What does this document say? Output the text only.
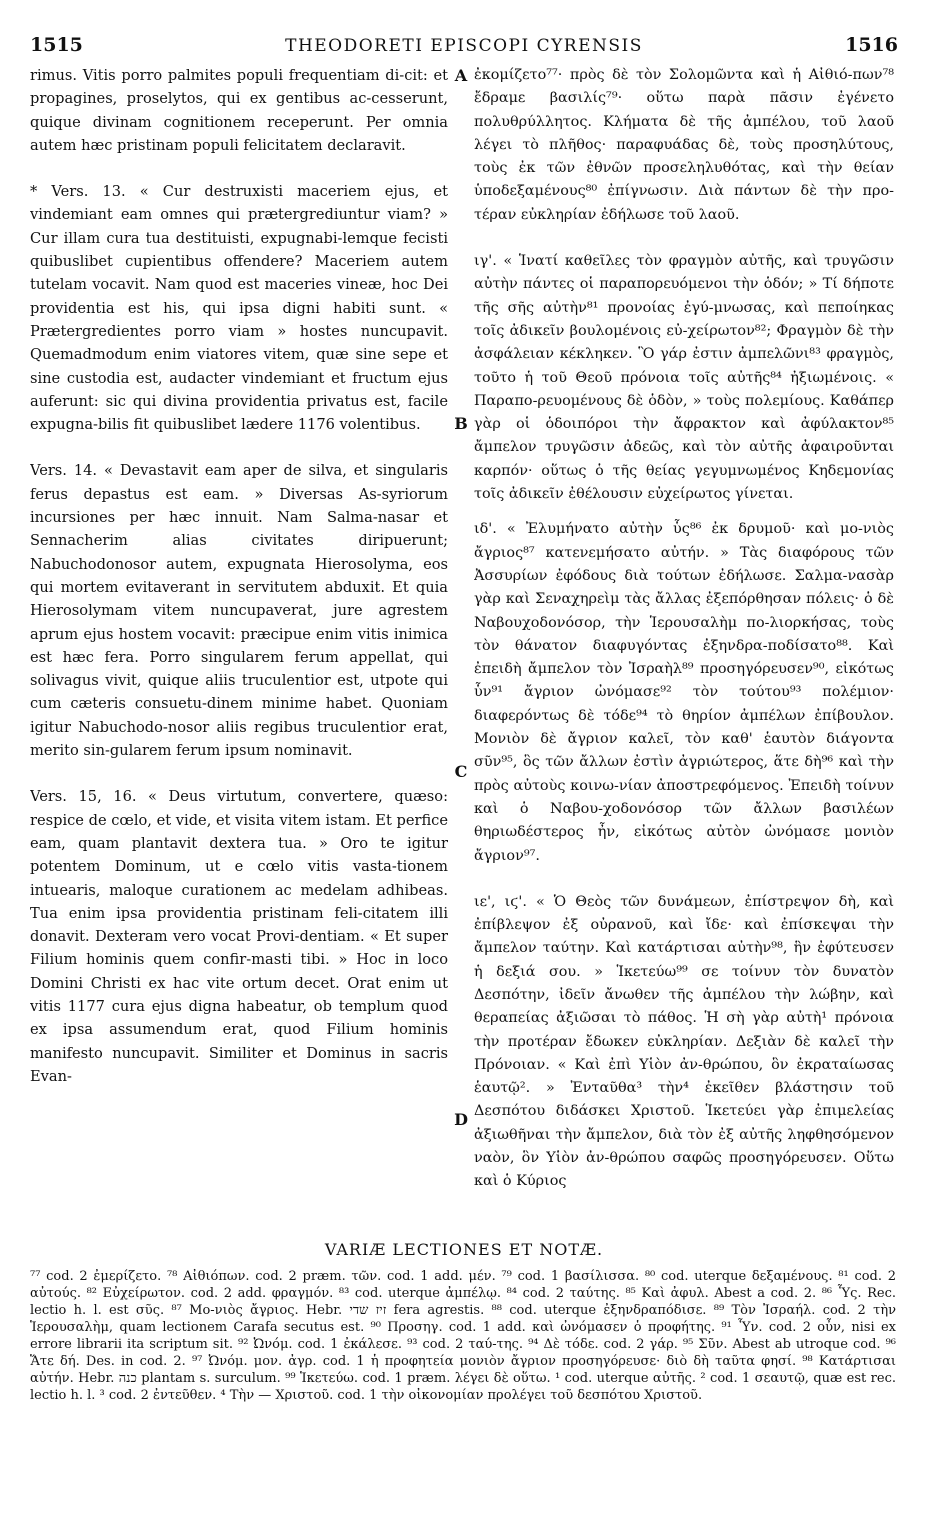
1515	THEODORETI EPISCOPI CYRENSIS	1516

rimus. Vitis porro palmites populi frequentiam di-cit: et propagines, proselytos, qui ex gentibus ac-cesserunt, quique divinam cognitionem receperunt. Per omnia autem hæc pristinam populi felicitatem declaravit.

* Vers. 13. « Cur destruxisti maceriem ejus, et vindemiant eam omnes qui prætergrediuntur viam? » Cur illam cura tua destituisti, expugnabi-lemque fecisti quibuslibet cupientibus offendere? Maceriem autem tutelam vocavit. Nam quod est maceries vineæ, hoc Dei providentia est his, qui ipsa digni habiti sunt. « Prætergredientes porro viam » hostes nuncupavit. Quemadmodum enim viatores vitem, quæ sine sepe et sine custodia est, audacter vindemiant et fructum ejus auferunt: sic qui divina providentia privatus est, facile expugna-bilis fit quibuslibet lædere 1176 volentibus.

Vers. 14. « Devastavit eam aper de silva, et singularis ferus depastus est eam. » Diversas As-syriorum incursiones per hæc innuit. Nam Salma-nasar et Sennacherim alias civitates diripuerunt; Nabuchodonosor autem, expugnata Hierosolyma, eos qui mortem evitaverant in servitutem abduxit. Et quia Hierosolymam vitem nuncupaverat, jure agrestem aprum ejus hostem vocavit: præcipue enim vitis inimica est hæc fera. Porro singularem ferum appellat, qui solivagus vivit, quique aliis truculentior est, utpote qui cum cæteris consuetu-dinem minime habet. Quoniam igitur Nabuchodo-nosor aliis regibus truculentior erat, merito sin-gularem ferum ipsum nominavit.

Vers. 15, 16. « Deus virtutum, convertere, quæso: respice de cœlo, et vide, et visita vitem istam. Et perfice eam, quam plantavit dextera tua. » Oro te igitur potentem Dominum, ut e cœlo vitis vasta-tionem intuearis, maloque curationem ac medelam adhibeas. Tua enim ipsa providentia pristinam feli-citatem illi donavit. Dexteram vero vocat Provi-dentiam. « Et super Filium hominis quem confir-masti tibi. » Hoc in loco Domini Christi ex hac vite ortum decet. Orat enim ut vitis 1177 cura ejus digna habeatur, ob templum quod ex ipsa assumendum erat, quod Filium hominis manifesto nuncupavit. Similiter et Dominus in sacris Evan-

A
B
C
D

ἐκομίζετο⁷⁷· πρὸς δὲ τὸν Σολομῶντα καὶ ἡ Αἰθιό-πων⁷⁸ ἔδραμε βασιλίς⁷⁹· οὕτω παρὰ πᾶσιν ἐγένετο πολυθρύλλητος. Κλήματα δὲ τῆς ἀμπέλου, τοῦ λαοῦ λέγει τὸ πλῆθος· παραφυάδας δὲ, τοὺς προσηλύτους, τοὺς ἐκ τῶν ἐθνῶν προσεληλυθότας, καὶ τὴν θείαν ὑποδεξαμένους⁸⁰ ἐπίγνωσιν. Διὰ πάντων δὲ τὴν προ-τέραν εὐκληρίαν ἐδήλωσε τοῦ λαοῦ.

ιγ'. « Ἱνατί καθεῖλες τὸν φραγμὸν αὐτῆς, καὶ τρυγῶσιν αὐτὴν πάντες οἱ παραπορευόμενοι τὴν ὁδόν; » Τί δήποτε τῆς σῆς αὐτὴν⁸¹ προνοίας ἐγύ-μνωσας, καὶ πεποίηκας τοῖς ἀδικεῖν βουλομένοις εὐ-χείρωτον⁸²; Φραγμὸν δὲ τὴν ἀσφάλειαν κέκληκεν. Ὃ γάρ ἐστιν ἀμπελῶνι⁸³ φραγμὸς, τοῦτο ἡ τοῦ Θεοῦ πρόνοια τοῖς αὐτῆς⁸⁴ ἠξιωμένοις. « Παραπο-ρευομένους δὲ ὁδὸν, » τοὺς πολεμίους. Καθάπερ γὰρ οἱ ὁδοιπόροι τὴν ἄφρακτον καὶ ἀφύλακτον⁸⁵ ἄμπελον τρυγῶσιν ἀδεῶς, καὶ τὸν αὐτῆς ἀφαιροῦνται καρπόν· οὕτως ὁ τῆς θείας γεγυμνωμένος Κηδεμονίας τοῖς ἀδικεῖν ἐθέλουσιν εὐχείρωτος γίνεται.

ιδ'. « Ἐλυμήνατο αὐτὴν ὗς⁸⁶ ἐκ δρυμοῦ· καὶ μο-νιὸς ἄγριος⁸⁷ κατενεμήσατο αὐτήν. » Τὰς διαφόρους τῶν Ἀσσυρίων ἐφόδους διὰ τούτων ἐδήλωσε. Σαλμα-νασὰρ γὰρ καὶ Σεναχηρεὶμ τὰς ἄλλας ἐξεπόρθησαν πόλεις· ὁ δὲ Ναβουχοδονόσορ, τὴν Ἱερουσαλὴμ πο-λιορκήσας, τοὺς τὸν θάνατον διαφυγόντας ἐξηνδρα-ποδίσατο⁸⁸. Καὶ ἐπειδὴ ἄμπελον τὸν Ἰσραὴλ⁸⁹ προσηγόρευσεν⁹⁰, εἰκότως ὗν⁹¹ ἄγριον ὠνόμασε⁹² τὸν τούτου⁹³ πολέμιον· διαφερόντως δὲ τόδε⁹⁴ τὸ θηρίον ἀμπέλων ἐπίβουλον. Μονιὸν δὲ ἄγριον καλεῖ, τὸν καθ' ἑαυτὸν διάγοντα σῦν⁹⁵, ὃς τῶν ἄλλων ἐστὶν ἀγριώτερος, ἅτε δὴ⁹⁶ καὶ τὴν πρὸς αὐτοὺς κοινω-νίαν ἀποστρεφόμενος. Ἐπειδὴ τοίνυν καὶ ὁ Ναβου-χοδονόσορ τῶν ἄλλων βασιλέων θηριωδέστερος ἦν, εἰκότως αὐτὸν ὠνόμασε μονιὸν ἄγριον⁹⁷.

ιε', ιϛ'. « Ὁ Θεὸς τῶν δυνάμεων, ἐπίστρεψον δὴ, καὶ ἐπίβλεψον ἐξ οὐρανοῦ, καὶ ἴδε· καὶ ἐπίσκεψαι τὴν ἄμπελον ταύτην. Καὶ κατάρτισαι αὐτὴν⁹⁸, ἣν ἐφύτευσεν ἡ δεξιά σου. » Ἱκετεύω⁹⁹ σε τοίνυν τὸν δυνατὸν Δεσπότην, ἰδεῖν ἄνωθεν τῆς ἀμπέλου τὴν λώβην, καὶ θεραπείας ἀξιῶσαι τὸ πάθος. Ἡ σὴ γὰρ αὐτὴ¹ πρόνοια τὴν προτέραν ἔδωκεν εὐκληρίαν. Δεξιὰν δὲ καλεῖ τὴν Πρόνοιαν. « Καὶ ἐπὶ Υἱὸν ἀν-θρώπου, ὃν ἐκραταίωσας ἑαυτῷ². » Ἐνταῦθα³ τὴν⁴ ἐκεῖθεν βλάστησιν τοῦ Δεσπότου διδάσκει Χριστοῦ. Ἱκετεύει γὰρ ἐπιμελείας ἀξιωθῆναι τὴν ἄμπελον, διὰ τὸν ἐξ αὐτῆς ληφθησόμενον ναὸν, ὃν Υἱὸν ἀν-θρώπου σαφῶς προσηγόρευσεν. Οὕτω καὶ ὁ Κύριος

VARIÆ LECTIONES ET NOTÆ.
⁷⁷ cod. 2 ἐμερίζετο. ⁷⁸ Αἰθιόπων. cod. 2 præm. τῶν. cod. 1 add. μέν. ⁷⁹ cod. 1 βασίλισσα. ⁸⁰ cod. uterque δεξαμένους. ⁸¹ cod. 2 αὐτούς. ⁸² Εὐχείρωτον. cod. 2 add. φραγμόν. ⁸³ cod. uterque ἀμπέλῳ. ⁸⁴ cod. 2 ταύτης. ⁸⁵ Καὶ ἀφυλ. Abest a cod. 2. ⁸⁶ Ὗς. Rec. lectio h. l. est σῦς. ⁸⁷ Μο-νιὸς ἄγριος. Hebr. זיז שדי fera agrestis. ⁸⁸ cod. uterque ἐξηνδραπόδισε. ⁸⁹ Τὸν Ἰσραήλ. cod. 2 τὴν Ἱερουσαλὴμ, quam lectionem Carafa secutus est. ⁹⁰ Προσηγ. cod. 1 add. καὶ ὠνόμασεν ὁ προφήτης. ⁹¹ Ὗν. cod. 2 οὖν, nisi ex errore librarii ita scriptum sit. ⁹² Ὠνόμ. cod. 1 ἐκάλεσε. ⁹³ cod. 2 ταύ-της. ⁹⁴ Δὲ τόδε. cod. 2 γάρ. ⁹⁵ Σῦν. Abest ab utroque cod. ⁹⁶ Ἅτε δή. Des. in cod. 2. ⁹⁷ Ὠνόμ. μον. ἀγρ. cod. 1 ἡ προφητεία μονιὸν ἄγριον προσηγόρευσε· διὸ δὴ ταῦτα φησί. ⁹⁸ Κατάρτισαι αὐτήν. Hebr. כנה plantam s. surculum. ⁹⁹ Ἱκετεύω. cod. 1 præm. λέγει δὲ οὕτω. ¹ cod. uterque αὐτῆς. ² cod. 1 σεαυτῷ, quæ est rec. lectio h. l. ³ cod. 2 ἐντεῦθεν. ⁴ Τὴν — Χριστοῦ. cod. 1 τὴν οἰκονομίαν προλέγει τοῦ δεσπότου Χριστοῦ.
